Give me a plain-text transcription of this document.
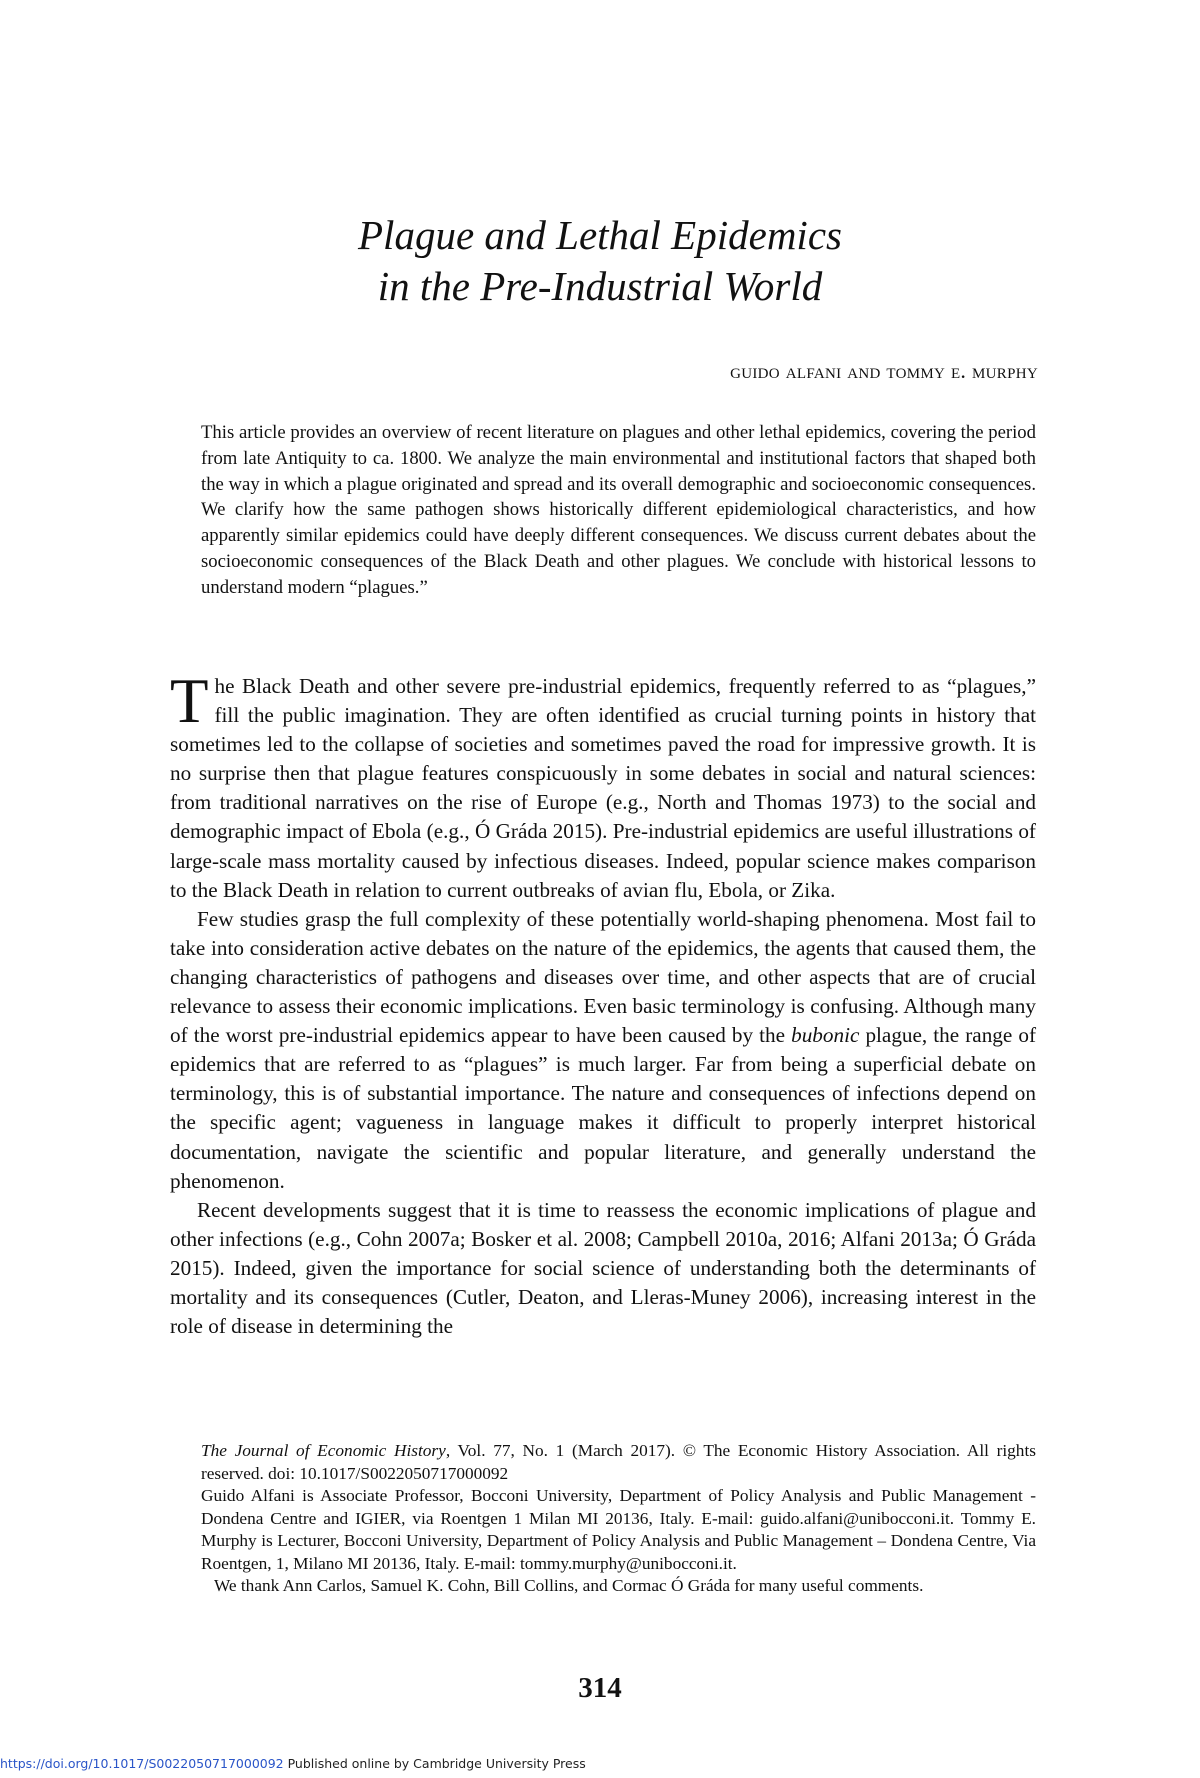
Plague and Lethal Epidemics
in the Pre-Industrial World
guido alfani and tommy e. murphy

This article provides an overview of recent literature on plagues and other lethal epidemics, covering the period from late Antiquity to ca. 1800. We analyze the main environmental and institutional factors that shaped both the way in which a plague originated and spread and its overall demographic and socioeconomic consequences. We clarify how the same pathogen shows historically different epidemiological characteristics, and how apparently similar epidemics could have deeply different consequences. We discuss current debates about the socioeconomic consequences of the Black Death and other plagues. We conclude with historical lessons to understand modern “plagues.”

The Black Death and other severe pre-industrial epidemics, frequently referred to as “plagues,” fill the public imagination. They are often identified as crucial turning points in history that sometimes led to the collapse of societies and sometimes paved the road for impressive growth. It is no surprise then that plague features conspicuously in some debates in social and natural sciences: from traditional narratives on the rise of Europe (e.g., North and Thomas 1973) to the social and demographic impact of Ebola (e.g., Ó Gráda 2015). Pre-industrial epidemics are useful illustrations of large-scale mass mortality caused by infectious diseases. Indeed, popular science makes comparison to the Black Death in relation to current outbreaks of avian flu, Ebola, or Zika.

Few studies grasp the full complexity of these potentially world-shaping phenomena. Most fail to take into consideration active debates on the nature of the epidemics, the agents that caused them, the changing characteristics of pathogens and diseases over time, and other aspects that are of crucial relevance to assess their economic implications. Even basic terminology is confusing. Although many of the worst pre-industrial epidemics appear to have been caused by the bubonic plague, the range of epidemics that are referred to as “plagues” is much larger. Far from being a superficial debate on terminology, this is of substantial importance. The nature and consequences of infections depend on the specific agent; vagueness in language makes it difficult to properly interpret historical documentation, navigate the scientific and popular literature, and generally understand the phenomenon.

Recent developments suggest that it is time to reassess the economic implications of plague and other infections (e.g., Cohn 2007a; Bosker et al. 2008; Campbell 2010a, 2016; Alfani 2013a; Ó Gráda 2015). Indeed, given the importance for social science of understanding both the determinants of mortality and its consequences (Cutler, Deaton, and Lleras-Muney 2006), increasing interest in the role of disease in determining the

The Journal of Economic History, Vol. 77, No. 1 (March 2017). © The Economic History Association. All rights reserved. doi: 10.1017/S0022050717000092

Guido Alfani is Associate Professor, Bocconi University, Department of Policy Analysis and Public Management - Dondena Centre and IGIER, via Roentgen 1 Milan MI 20136, Italy. E-mail: guido.alfani@unibocconi.it. Tommy E. Murphy is Lecturer, Bocconi University, Department of Policy Analysis and Public Management – Dondena Centre, Via Roentgen, 1, Milano MI 20136, Italy. E-mail: tommy.murphy@unibocconi.it.

We thank Ann Carlos, Samuel K. Cohn, Bill Collins, and Cormac Ó Gráda for many useful comments.

314
https://doi.org/10.1017/S0022050717000092 Published online by Cambridge University Press
